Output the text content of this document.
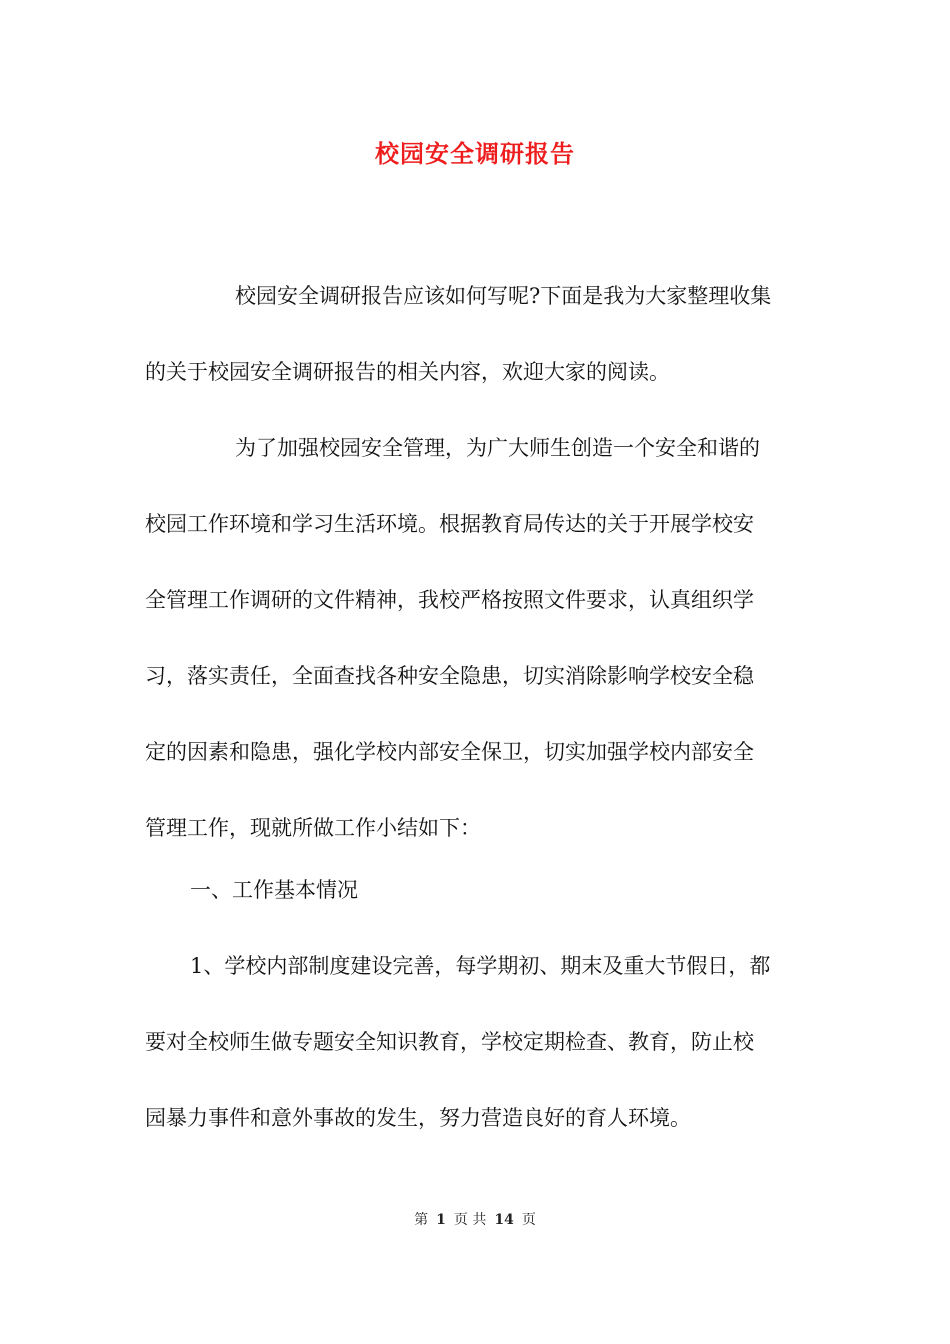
校园安全调研报告
校园安全调研报告应该如何写呢?下面是我为大家整理收集
的关于校园安全调研报告的相关内容，欢迎大家的阅读。
为了加强校园安全管理，为广大师生创造一个安全和谐的
校园工作环境和学习生活环境。根据教育局传达的关于开展学校安
全管理工作调研的文件精神，我校严格按照文件要求，认真组织学
习，落实责任，全面查找各种安全隐患，切实消除影响学校安全稳
定的因素和隐患，强化学校内部安全保卫，切实加强学校内部安全
管理工作，现就所做工作小结如下：
一、工作基本情况
1、学校内部制度建设完善，每学期初、期末及重大节假日，都
要对全校师生做专题安全知识教育，学校定期检查、教育，防止校
园暴力事件和意外事故的发生，努力营造良好的育人环境。
第 1 页 共 14 页
